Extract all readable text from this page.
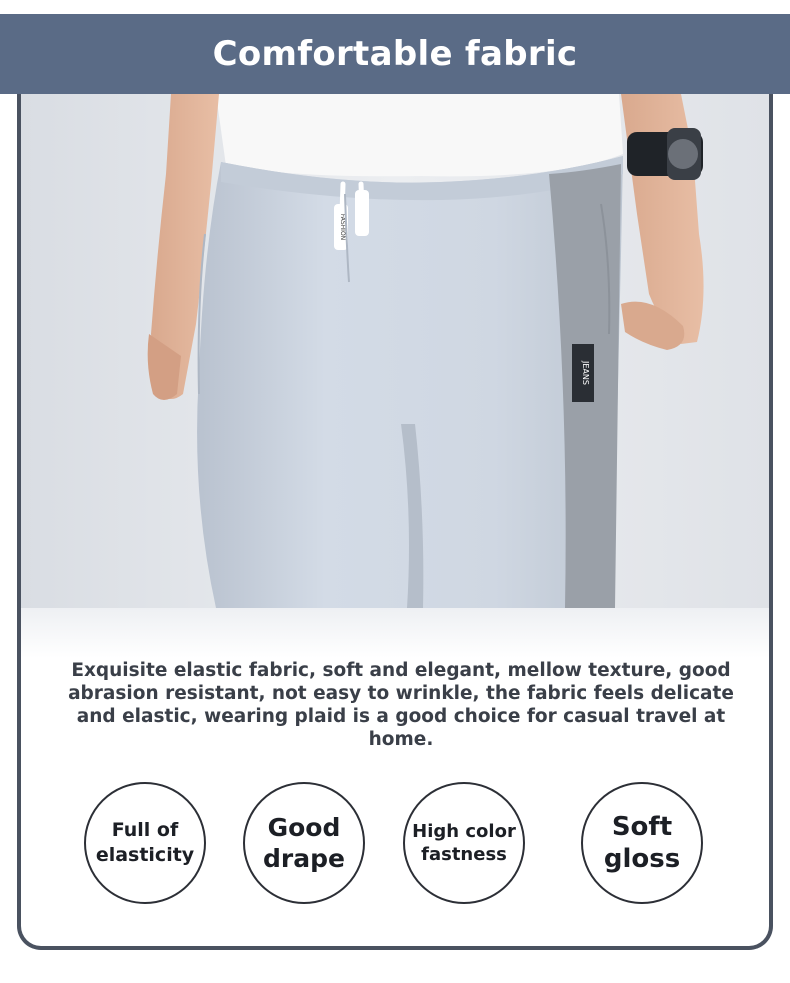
Comfortable fabric
JEANS
FASHION
Exquisite elastic fabric, soft and elegant, mellow texture, good abrasion resistant, not easy to wrinkle, the fabric feels delicate and elastic, wearing plaid is a good choice for casual travel at home.
Full of
elasticity
Good
drape
High color
fastness
Soft
gloss
